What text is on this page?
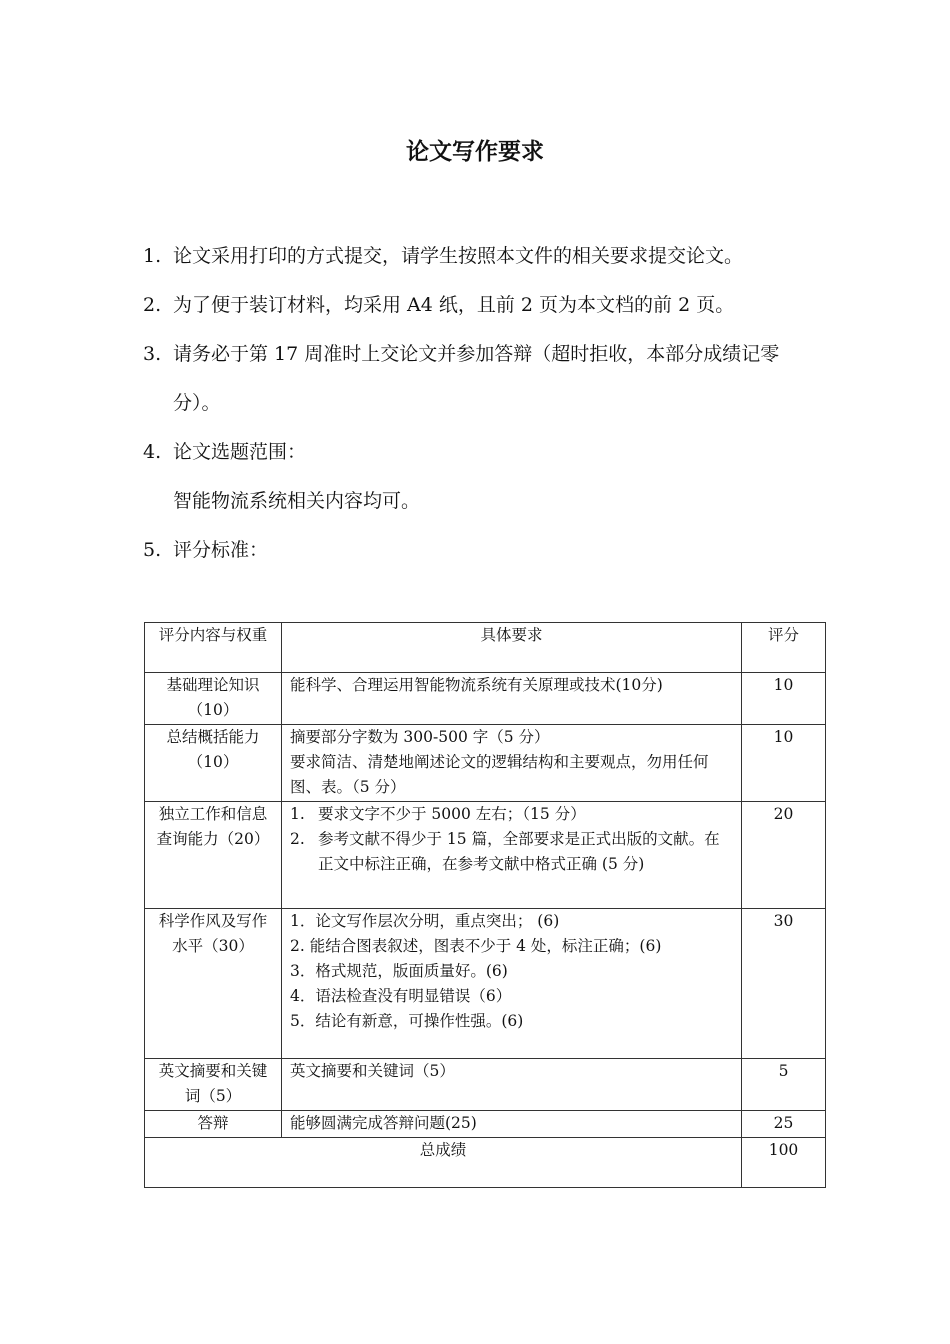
论文写作要求
1. 论文采用打印的方式提交，请学生按照本文件的相关要求提交论文。
2. 为了便于装订材料，均采用 A4 纸，且前 2 页为本文档的前 2 页。
3. 请务必于第 17 周准时上交论文并参加答辩（超时拒收，本部分成绩记零分）。
4. 论文选题范围：
智能物流系统相关内容均可。
5. 评分标准：
评分内容与权重	具体要求	评分
基础理论知识（10）	能科学、合理运用智能物流系统有关原理或技术(10分)	10
总结概括能力（10）	摘要部分字数为 300-500 字（5 分）
要求简洁、清楚地阐述论文的逻辑结构和主要观点，勿用任何图、表。（5 分）	10
独立工作和信息查询能力（20）	1. 要求文字不少于 5000 左右；（15 分）
2. 参考文献不得少于 15 篇，全部要求是正式出版的文献。在正文中标注正确，在参考文献中格式正确 (5 分)	20
科学作风及写作水平（30）	1．论文写作层次分明，重点突出； (6)
2. 能结合图表叙述，图表不少于 4 处，标注正确；(6)
3．格式规范，版面质量好。(6)
4．语法检查没有明显错误（6）
5．结论有新意，可操作性强。(6)	30
英文摘要和关键词（5）	英文摘要和关键词（5）	5
答辩	能够圆满完成答辩问题(25)	25
总成绩		100
